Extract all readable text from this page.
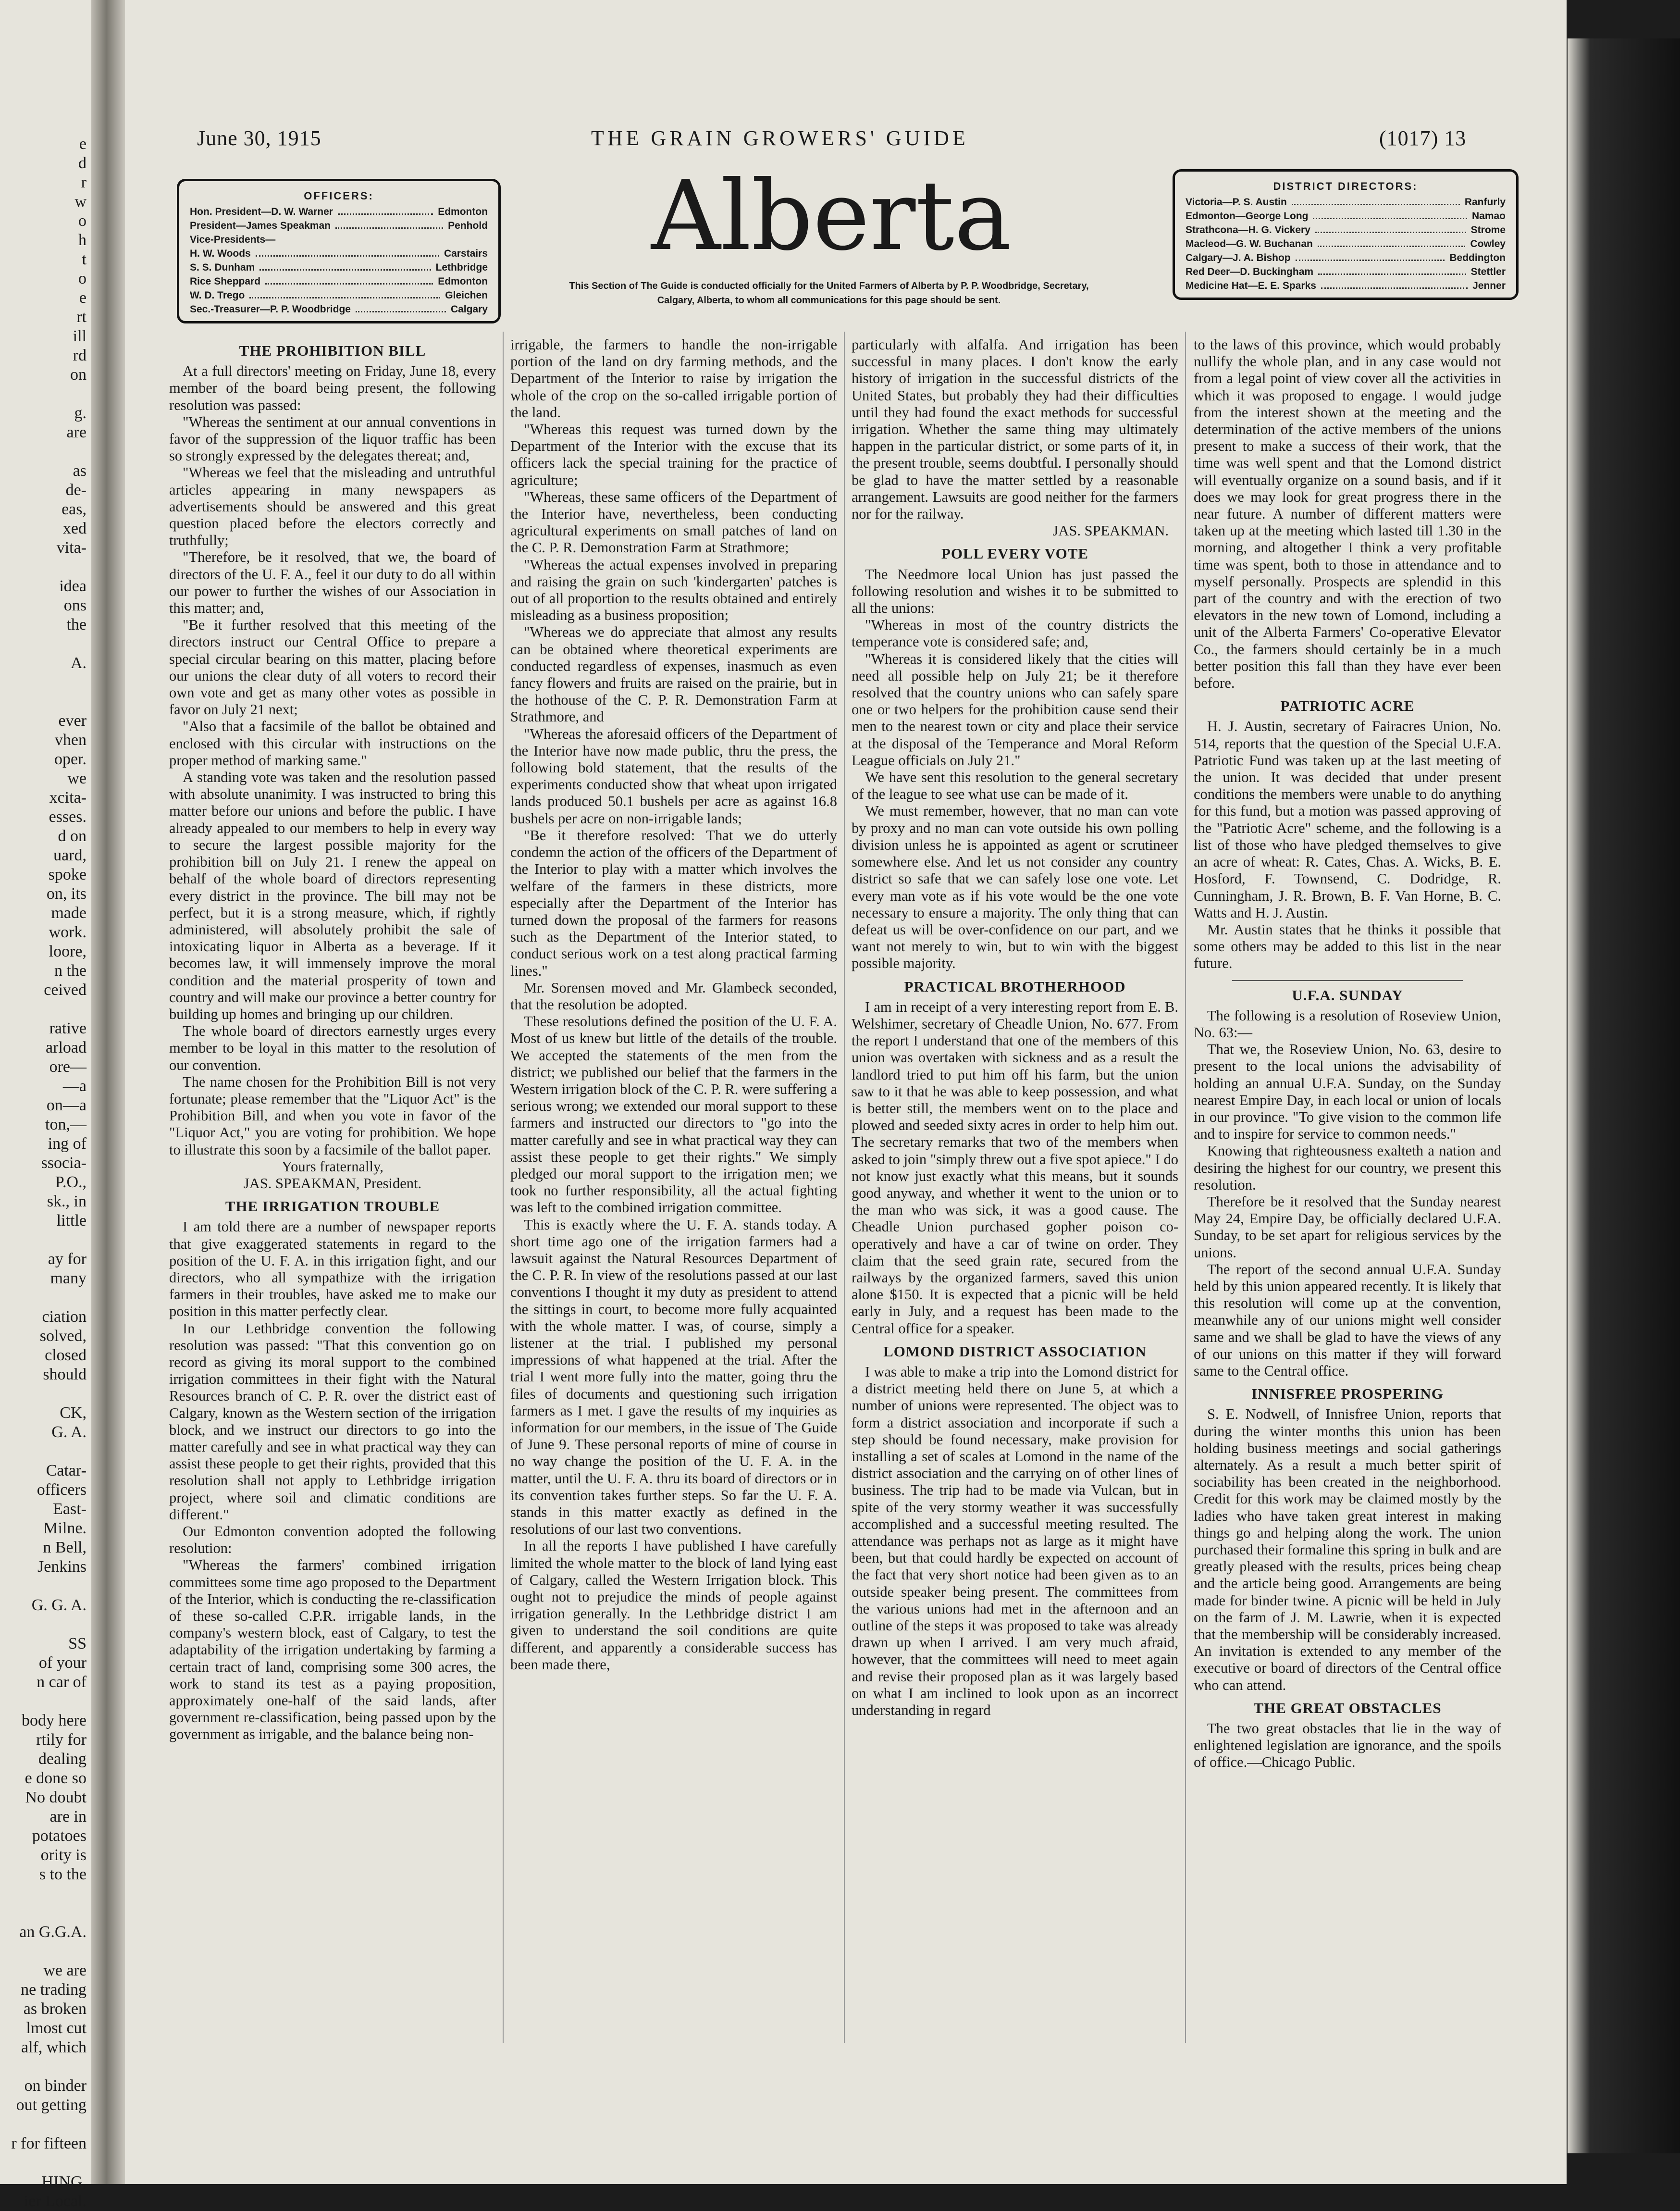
e
d
r
w
o
h
t
o
e
rt
ill
rd
on

g.
are

as
de-
eas,
xed
vita-

idea
ons
the

A.

ever
vhen
oper.
we
xcita-
esses.
d on
uard,
spoke
on, its
made
work.
loore,
n the
ceived

rative
arload
ore—
—a
on—a
ton,—
ing of
ssocia-
P.O.,
sk., in
little

ay for
many

ciation
solved,
closed
should

CK,
G. A.

Catar-
officers
East-
Milne.
n Bell,
Jenkins

G. G. A.

SS
of your
n car of

body here
rtily for
dealing
e done so
No doubt
are in
potatoes
ority is
s to the

an G.G.A.

we are
ne trading
as broken
lmost cut
alf, which

on binder
out getting

r for fifteen

HING,
ier Local.
June 30, 1915	THE GRAIN GROWERS' GUIDE	(1017) 13
OFFICERS:
Hon. President—D. W. Warner	Edmonton
President—James Speakman	Penhold
Vice-Presidents—
H. W. Woods	Carstairs
S. S. Dunham	Lethbridge
Rice Sheppard	Edmonton
W. D. Trego	Gleichen
Sec.-Treasurer—P. P. Woodbridge	Calgary
DISTRICT DIRECTORS:
Victoria—P. S. Austin	Ranfurly
Edmonton—George Long	Namao
Strathcona—H. G. Vickery	Strome
Macleod—G. W. Buchanan	Cowley
Calgary—J. A. Bishop	Beddington
Red Deer—D. Buckingham	Stettler
Medicine Hat—E. E. Sparks	Jenner
Alberta
This Section of The Guide is conducted officially for the United Farmers of Alberta by P. P. Woodbridge, Secretary, Calgary, Alberta, to whom all communications for this page should be sent.
THE PROHIBITION BILL

At a full directors' meeting on Friday, June 18, every member of the board being present, the following resolution was passed:

"Whereas the sentiment at our annual conventions in favor of the suppression of the liquor traffic has been so strongly expressed by the delegates thereat; and,

"Whereas we feel that the misleading and untruthful articles appearing in many newspapers as advertisements should be answered and this great question placed before the electors correctly and truthfully;

"Therefore, be it resolved, that we, the board of directors of the U. F. A., feel it our duty to do all within our power to further the wishes of our Association in this matter; and,

"Be it further resolved that this meeting of the directors instruct our Central Office to prepare a special circular bearing on this matter, placing before our unions the clear duty of all voters to record their own vote and get as many other votes as possible in favor on July 21 next;

"Also that a facsimile of the ballot be obtained and enclosed with this circular with instructions on the proper method of marking same."

A standing vote was taken and the resolution passed with absolute unanimity. I was instructed to bring this matter before our unions and before the public. I have already appealed to our members to help in every way to secure the largest possible majority for the prohibition bill on July 21. I renew the appeal on behalf of the whole board of directors representing every district in the province. The bill may not be perfect, but it is a strong measure, which, if rightly administered, will absolutely prohibit the sale of intoxicating liquor in Alberta as a beverage. If it becomes law, it will immensely improve the moral condition and the material prosperity of town and country and will make our province a better country for building up homes and bringing up our children.

The whole board of directors earnestly urges every member to be loyal in this matter to the resolution of our convention.

The name chosen for the Prohibition Bill is not very fortunate; please remember that the "Liquor Act" is the Prohibition Bill, and when you vote in favor of the "Liquor Act," you are voting for prohibition. We hope to illustrate this soon by a facsimile of the ballot paper.

Yours fraternally,

JAS. SPEAKMAN, President.

THE IRRIGATION TROUBLE

I am told there are a number of newspaper reports that give exaggerated statements in regard to the position of the U. F. A. in this irrigation fight, and our directors, who all sympathize with the irrigation farmers in their troubles, have asked me to make our position in this matter perfectly clear.

In our Lethbridge convention the following resolution was passed: "That this convention go on record as giving its moral support to the combined irrigation committees in their fight with the Natural Resources branch of C. P. R. over the district east of Calgary, known as the Western section of the irrigation block, and we instruct our directors to go into the matter carefully and see in what practical way they can assist these people to get their rights, provided that this resolution shall not apply to Lethbridge irrigation project, where soil and climatic conditions are different."

Our Edmonton convention adopted the following resolution:

"Whereas the farmers' combined irrigation committees some time ago proposed to the Department of the Interior, which is conducting the re-classification of these so-called C.P.R. irrigable lands, in the company's western block, east of Calgary, to test the adaptability of the irrigation undertaking by farming a certain tract of land, comprising some 300 acres, the work to stand its test as a paying proposition, approximately one-half of the said lands, after government re-classification, being passed upon by the government as irrigable, and the balance being non-

irrigable, the farmers to handle the non-irrigable portion of the land on dry farming methods, and the Department of the Interior to raise by irrigation the whole of the crop on the so-called irrigable portion of the land.

"Whereas this request was turned down by the Department of the Interior with the excuse that its officers lack the special training for the practice of agriculture;

"Whereas, these same officers of the Department of the Interior have, nevertheless, been conducting agricultural experiments on small patches of land on the C. P. R. Demonstration Farm at Strathmore;

"Whereas the actual expenses involved in preparing and raising the grain on such 'kindergarten' patches is out of all proportion to the results obtained and entirely misleading as a business proposition;

"Whereas we do appreciate that almost any results can be obtained where theoretical experiments are conducted regardless of expenses, inasmuch as even fancy flowers and fruits are raised on the prairie, but in the hothouse of the C. P. R. Demonstration Farm at Strathmore, and

"Whereas the aforesaid officers of the Department of the Interior have now made public, thru the press, the following bold statement, that the results of the experiments conducted show that wheat upon irrigated lands produced 50.1 bushels per acre as against 16.8 bushels per acre on non-irrigable lands;

"Be it therefore resolved: That we do utterly condemn the action of the officers of the Department of the Interior to play with a matter which involves the welfare of the farmers in these districts, more especially after the Department of the Interior has turned down the proposal of the farmers for reasons such as the Department of the Interior stated, to conduct serious work on a test along practical farming lines."

Mr. Sorensen moved and Mr. Glambeck seconded, that the resolution be adopted.

These resolutions defined the position of the U. F. A. Most of us knew but little of the details of the trouble. We accepted the statements of the men from the district; we published our belief that the farmers in the Western irrigation block of the C. P. R. were suffering a serious wrong; we extended our moral support to these farmers and instructed our directors to "go into the matter carefully and see in what practical way they can assist these people to get their rights." We simply pledged our moral support to the irrigation men; we took no further responsibility, all the actual fighting was left to the combined irrigation committee.

This is exactly where the U. F. A. stands today. A short time ago one of the irrigation farmers had a lawsuit against the Natural Resources Department of the C. P. R. In view of the resolutions passed at our last conventions I thought it my duty as president to attend the sittings in court, to become more fully acquainted with the whole matter. I was, of course, simply a listener at the trial. I published my personal impressions of what happened at the trial. After the trial I went more fully into the matter, going thru the files of documents and questioning such irrigation farmers as I met. I gave the results of my inquiries as information for our members, in the issue of The Guide of June 9. These personal reports of mine of course in no way change the position of the U. F. A. in the matter, until the U. F. A. thru its board of directors or in its convention takes further steps. So far the U. F. A. stands in this matter exactly as defined in the resolutions of our last two conventions.

In all the reports I have published I have carefully limited the whole matter to the block of land lying east of Calgary, called the Western Irrigation block. This ought not to prejudice the minds of people against irrigation generally. In the Lethbridge district I am given to understand the soil conditions are quite different, and apparently a considerable success has been made there,

particularly with alfalfa. And irrigation has been successful in many places. I don't know the early history of irrigation in the successful districts of the United States, but probably they had their difficulties until they had found the exact methods for successful irrigation. Whether the same thing may ultimately happen in the particular district, or some parts of it, in the present trouble, seems doubtful. I personally should be glad to have the matter settled by a reasonable arrangement. Lawsuits are good neither for the farmers nor for the railway.

JAS. SPEAKMAN.

POLL EVERY VOTE

The Needmore local Union has just passed the following resolution and wishes it to be submitted to all the unions:

"Whereas in most of the country districts the temperance vote is considered safe; and,

"Whereas it is considered likely that the cities will need all possible help on July 21; be it therefore resolved that the country unions who can safely spare one or two helpers for the prohibition cause send their men to the nearest town or city and place their service at the disposal of the Temperance and Moral Reform League officials on July 21."

We have sent this resolution to the general secretary of the league to see what use can be made of it.

We must remember, however, that no man can vote by proxy and no man can vote outside his own polling division unless he is appointed as agent or scrutineer somewhere else. And let us not consider any country district so safe that we can safely lose one vote. Let every man vote as if his vote would be the one vote necessary to ensure a majority. The only thing that can defeat us will be over-confidence on our part, and we want not merely to win, but to win with the biggest possible majority.

PRACTICAL BROTHERHOOD

I am in receipt of a very interesting report from E. B. Welshimer, secretary of Cheadle Union, No. 677. From the report I understand that one of the members of this union was overtaken with sickness and as a result the landlord tried to put him off his farm, but the union saw to it that he was able to keep possession, and what is better still, the members went on to the place and plowed and seeded sixty acres in order to help him out. The secretary remarks that two of the members when asked to join "simply threw out a five spot apiece." I do not know just exactly what this means, but it sounds good anyway, and whether it went to the union or to the man who was sick, it was a good cause. The Cheadle Union purchased gopher poison co-operatively and have a car of twine on order. They claim that the seed grain rate, secured from the railways by the organized farmers, saved this union alone $150. It is expected that a picnic will be held early in July, and a request has been made to the Central office for a speaker.

LOMOND DISTRICT ASSOCIATION

I was able to make a trip into the Lomond district for a district meeting held there on June 5, at which a number of unions were represented. The object was to form a district association and incorporate if such a step should be found necessary, make provision for installing a set of scales at Lomond in the name of the district association and the carrying on of other lines of business. The trip had to be made via Vulcan, but in spite of the very stormy weather it was successfully accomplished and a successful meeting resulted. The attendance was perhaps not as large as it might have been, but that could hardly be expected on account of the fact that very short notice had been given as to an outside speaker being present. The committees from the various unions had met in the afternoon and an outline of the steps it was proposed to take was already drawn up when I arrived. I am very much afraid, however, that the committees will need to meet again and revise their proposed plan as it was largely based on what I am inclined to look upon as an incorrect understanding in regard

to the laws of this province, which would probably nullify the whole plan, and in any case would not from a legal point of view cover all the activities in which it was proposed to engage. I would judge from the interest shown at the meeting and the determination of the active members of the unions present to make a success of their work, that the time was well spent and that the Lomond district will eventually organize on a sound basis, and if it does we may look for great progress there in the near future. A number of different matters were taken up at the meeting which lasted till 1.30 in the morning, and altogether I think a very profitable time was spent, both to those in attendance and to myself personally. Prospects are splendid in this part of the country and with the erection of two elevators in the new town of Lomond, including a unit of the Alberta Farmers' Co-operative Elevator Co., the farmers should certainly be in a much better position this fall than they have ever been before.

PATRIOTIC ACRE

H. J. Austin, secretary of Fairacres Union, No. 514, reports that the question of the Special U.F.A. Patriotic Fund was taken up at the last meeting of the union. It was decided that under present conditions the members were unable to do anything for this fund, but a motion was passed approving of the "Patriotic Acre" scheme, and the following is a list of those who have pledged themselves to give an acre of wheat: R. Cates, Chas. A. Wicks, B. E. Hosford, F. Townsend, C. Dodridge, R. Cunningham, J. R. Brown, B. F. Van Horne, B. C. Watts and H. J. Austin.

Mr. Austin states that he thinks it possible that some others may be added to this list in the near future.

U.F.A. SUNDAY

The following is a resolution of Roseview Union, No. 63:—

That we, the Roseview Union, No. 63, desire to present to the local unions the advisability of holding an annual U.F.A. Sunday, on the Sunday nearest Empire Day, in each local or union of locals in our province. "To give vision to the common life and to inspire for service to common needs."

Knowing that righteousness exalteth a nation and desiring the highest for our country, we present this resolution.

Therefore be it resolved that the Sunday nearest May 24, Empire Day, be officially declared U.F.A. Sunday, to be set apart for religious services by the unions.

The report of the second annual U.F.A. Sunday held by this union appeared recently. It is likely that this resolution will come up at the convention, meanwhile any of our unions might well consider same and we shall be glad to have the views of any of our unions on this matter if they will forward same to the Central office.

INNISFREE PROSPERING

S. E. Nodwell, of Innisfree Union, reports that during the winter months this union has been holding business meetings and social gatherings alternately. As a result a much better spirit of sociability has been created in the neighborhood. Credit for this work may be claimed mostly by the ladies who have taken great interest in making things go and helping along the work. The union purchased their formaline this spring in bulk and are greatly pleased with the results, prices being cheap and the article being good. Arrangements are being made for binder twine. A picnic will be held in July on the farm of J. M. Lawrie, when it is expected that the membership will be considerably increased. An invitation is extended to any member of the executive or board of directors of the Central office who can attend.

THE GREAT OBSTACLES

The two great obstacles that lie in the way of enlightened legislation are ignorance, and the spoils of office.—Chicago Public.
